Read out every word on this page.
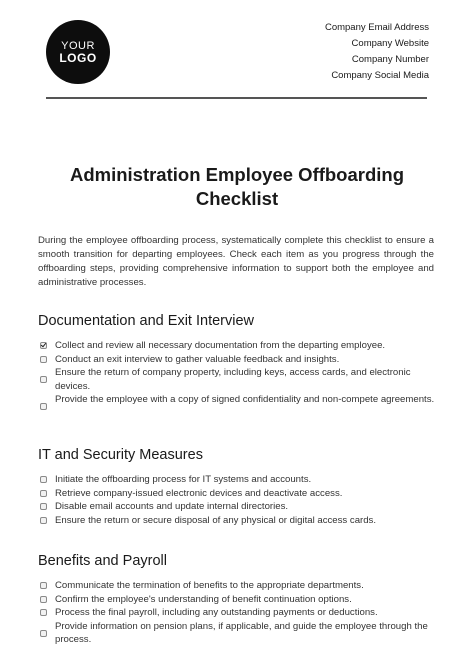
YOUR
LOGO
Company Email Address
Company Website
Company Number
Company Social Media
Administration Employee Offboarding Checklist

During the employee offboarding process, systematically complete this checklist to ensure a smooth transition for departing employees. Check each item as you progress through the offboarding steps, providing comprehensive information to support both the employee and administrative processes.

Documentation and Exit Interview
Collect and review all necessary documentation from the departing employee.
Conduct an exit interview to gather valuable feedback and insights.
Ensure the return of company property, including keys, access cards, and electronic devices.
Provide the employee with a copy of signed confidentiality and non-compete agreements.
IT and Security Measures
Initiate the offboarding process for IT systems and accounts.
Retrieve company-issued electronic devices and deactivate access.
Disable email accounts and update internal directories.
Ensure the return or secure disposal of any physical or digital access cards.
Benefits and Payroll
Communicate the termination of benefits to the appropriate departments.
Confirm the employee's understanding of benefit continuation options.
Process the final payroll, including any outstanding payments or deductions.
Provide information on pension plans, if applicable, and guide the employee through the process.
